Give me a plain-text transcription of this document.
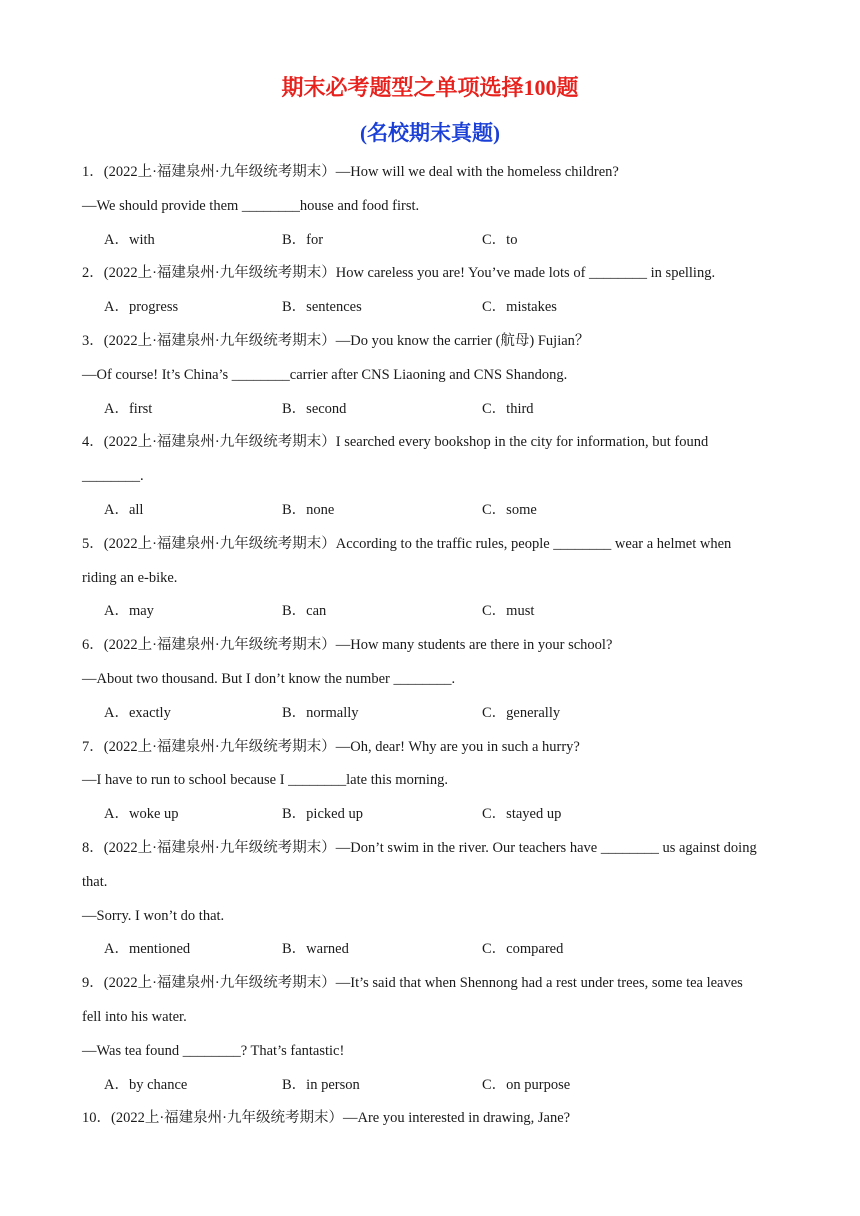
期末必考题型之单项选择100题
(名校期末真题)
1．(2022上·福建泉州·九年级统考期末）—How will we deal with the homeless children?
—We should provide them ________house and food first.
A．with	B．for	C．to
2．(2022上·福建泉州·九年级统考期末）How careless you are! You’ve made lots of ________ in spelling.
A．progress	B．sentences	C．mistakes
3．(2022上·福建泉州·九年级统考期末）—Do you know the carrier (航母) Fujian？
—Of course! It’s China’s ________carrier after CNS Liaoning and CNS Shandong.
A．first	B．second	C．third
4．(2022上·福建泉州·九年级统考期末）I searched every bookshop in the city for information, but found
________.
A．all	B．none	C．some
5．(2022上·福建泉州·九年级统考期末）According to the traffic rules, people ________ wear a helmet when
riding an e-bike.
A．may	B．can	C．must
6．(2022上·福建泉州·九年级统考期末）—How many students are there in your school?
—About two thousand. But I don’t know the number ________.
A．exactly	B．normally	C．generally
7．(2022上·福建泉州·九年级统考期末）—Oh, dear! Why are you in such a hurry?
—I have to run to school because I ________late this morning.
A．woke up	B．picked up	C．stayed up
8．(2022上·福建泉州·九年级统考期末）—Don’t swim in the river. Our teachers have ________ us against doing
that.
—Sorry. I won’t do that.
A．mentioned	B．warned	C．compared
9．(2022上·福建泉州·九年级统考期末）—It’s said that when Shennong had a rest under trees, some tea leaves
fell into his water.
—Was tea found ________? That’s fantastic!
A．by chance	B．in person	C．on purpose
10．(2022上·福建泉州·九年级统考期末）—Are you interested in drawing, Jane?
